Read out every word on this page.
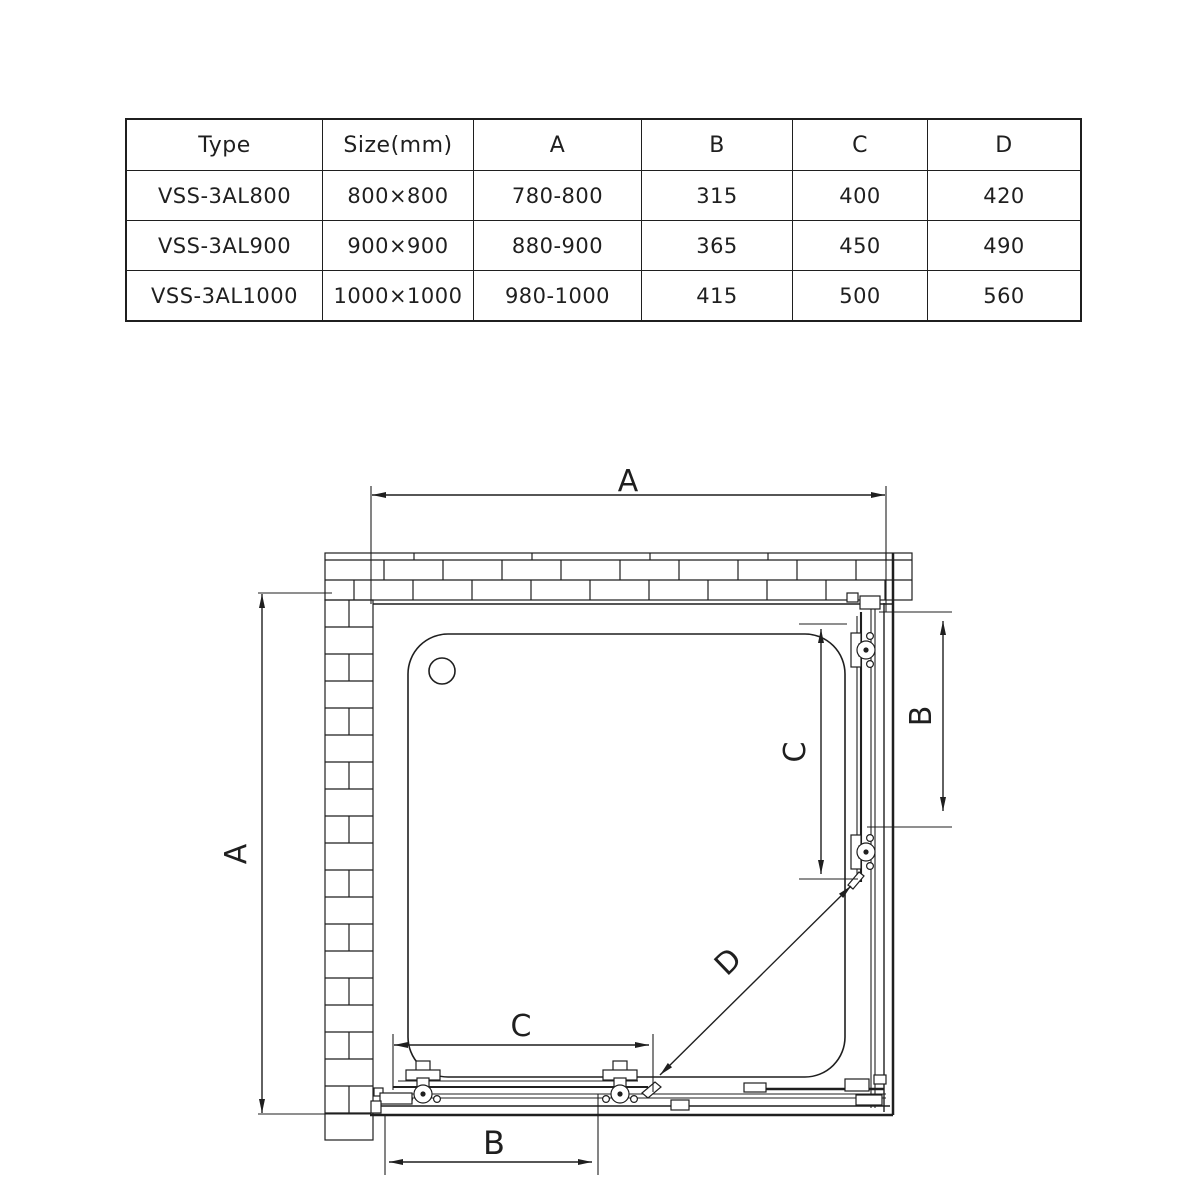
Type	Size(mm)	A	B	C	D
VSS-3AL800	800×800	780-800	315	400	420
VSS-3AL900	900×900	880-900	365	450	490
VSS-3AL1000	1000×1000	980-1000	415	500	560
A
A
B
C
C
B
D
